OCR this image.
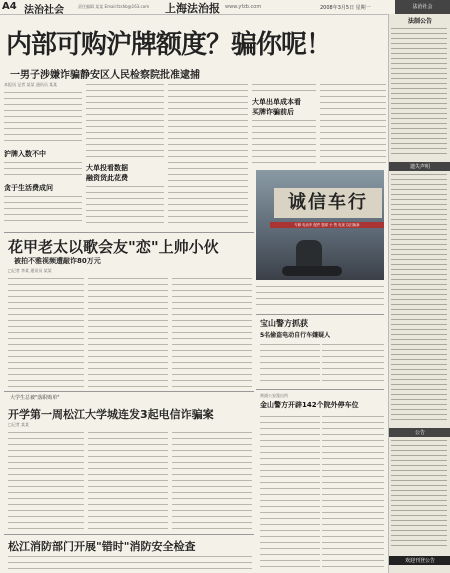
A4 法治社会	责任编辑 某某 Email:fzshb@163.com 上海法治报 www.yfzb.com	2008年3月5日 星期一	法治社会
内部可购沪牌额度？骗你呢！
一男子涉嫌诈骗静安区人民检察院批准逮捕
本报讯 记者 某某 通讯员 某某
沪牌入数不中
贪于生活费成问
大单投看数据
融资货此花费
大单出单成本看
买牌诈骗前后
诚信车行
专修 电动车 配件 篮球 小 售 电视 以旧换新
花甲老太以歌会友"恋"上帅小伙
被拍不雅视频遭敲诈80万元
□记者 李某 通讯员 某某
大学生总被"落职购单"
开学第一周松江大学城连发3起电信诈骗案
□记者 某某
松江消防部门开展"错时"消防安全检查
宝山警方抓获
5名偷盗电动自行车嫌疑人
黄浦公安派出所
金山警方开辟142个院外停车位
法制公告
遗失声明
公告
欢迎刊登公告
